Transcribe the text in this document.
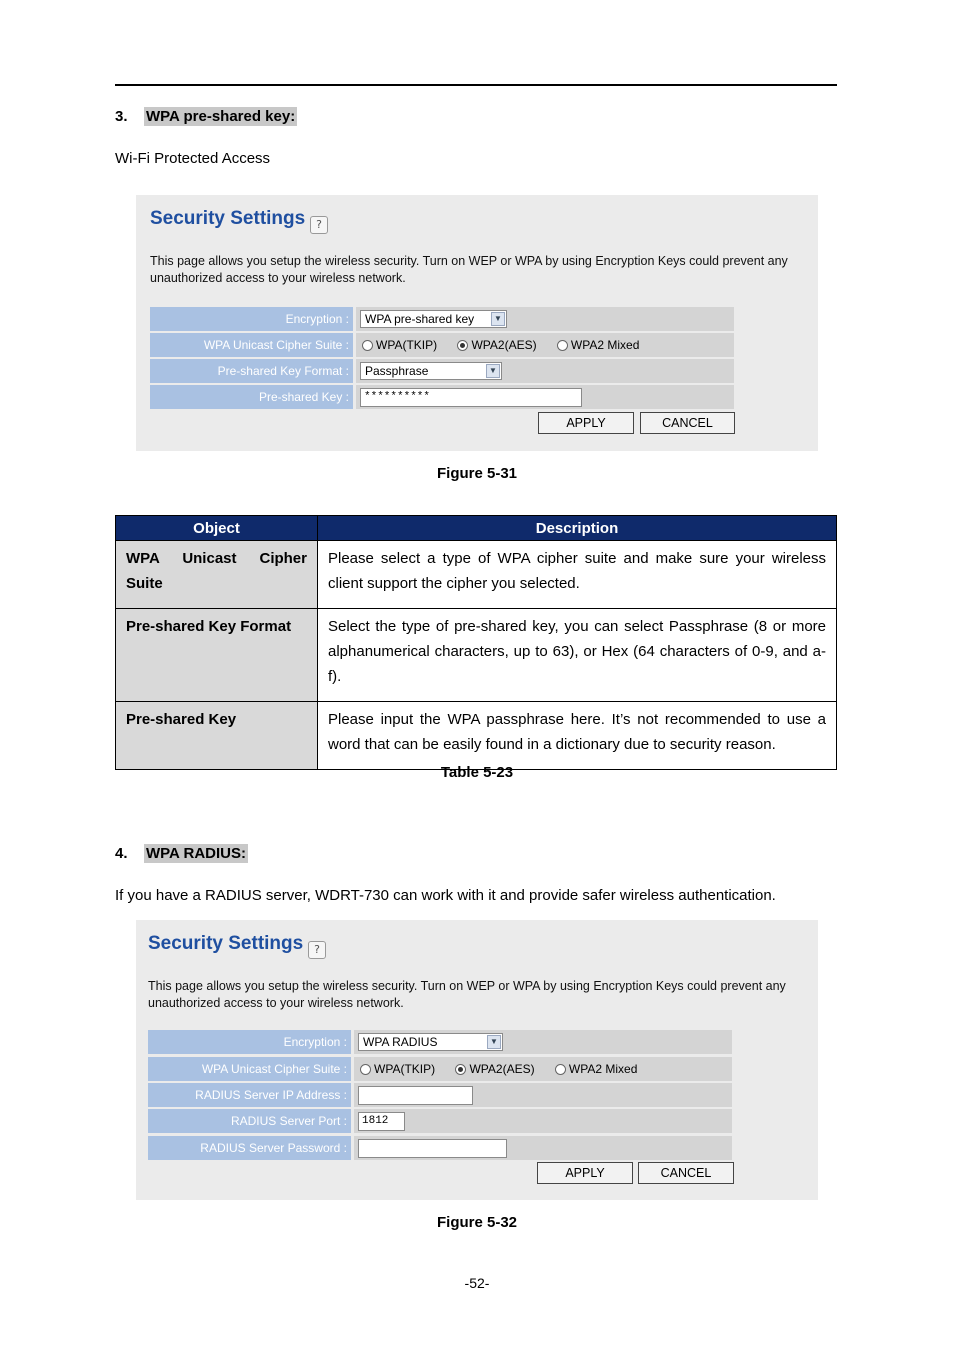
3. WPA pre-shared key:
Wi-Fi Protected Access
Security Settings ?
This page allows you setup the wireless security. Turn on WEP or WPA by using Encryption Keys could prevent any unauthorized access to your wireless network.
Encryption :	WPA pre-shared key	▼
WPA Unicast Cipher Suite :	WPA(TKIP)
	WPA2(AES)
	WPA2 Mixed
Pre-shared Key Format :	Passphrase	▼
Pre-shared Key :	**********
APPLY	CANCEL
Figure 5-31
Object	Description
WPA Unicast Cipher Suite	Please select a type of WPA cipher suite and make sure your wireless client support the cipher you selected.
Pre-shared Key Format	Select the type of pre-shared key, you can select Passphrase (8 or more alphanumerical characters, up to 63), or Hex (64 characters of 0-9, and a-f).
Pre-shared Key	Please input the WPA passphrase here. It’s not recommended to use a word that can be easily found in a dictionary due to security reason.
Table 5-23
4. WPA RADIUS:
If you have a RADIUS server, WDRT-730 can work with it and provide safer wireless authentication.
Security Settings ?
This page allows you setup the wireless security. Turn on WEP or WPA by using Encryption Keys could prevent any unauthorized access to your wireless network.
Encryption :	WPA RADIUS	▼
WPA Unicast Cipher Suite :	WPA(TKIP)
	WPA2(AES)
	WPA2 Mixed
RADIUS Server IP Address :
RADIUS Server Port :	1812
RADIUS Server Password :
APPLY	CANCEL
Figure 5-32
-52-
